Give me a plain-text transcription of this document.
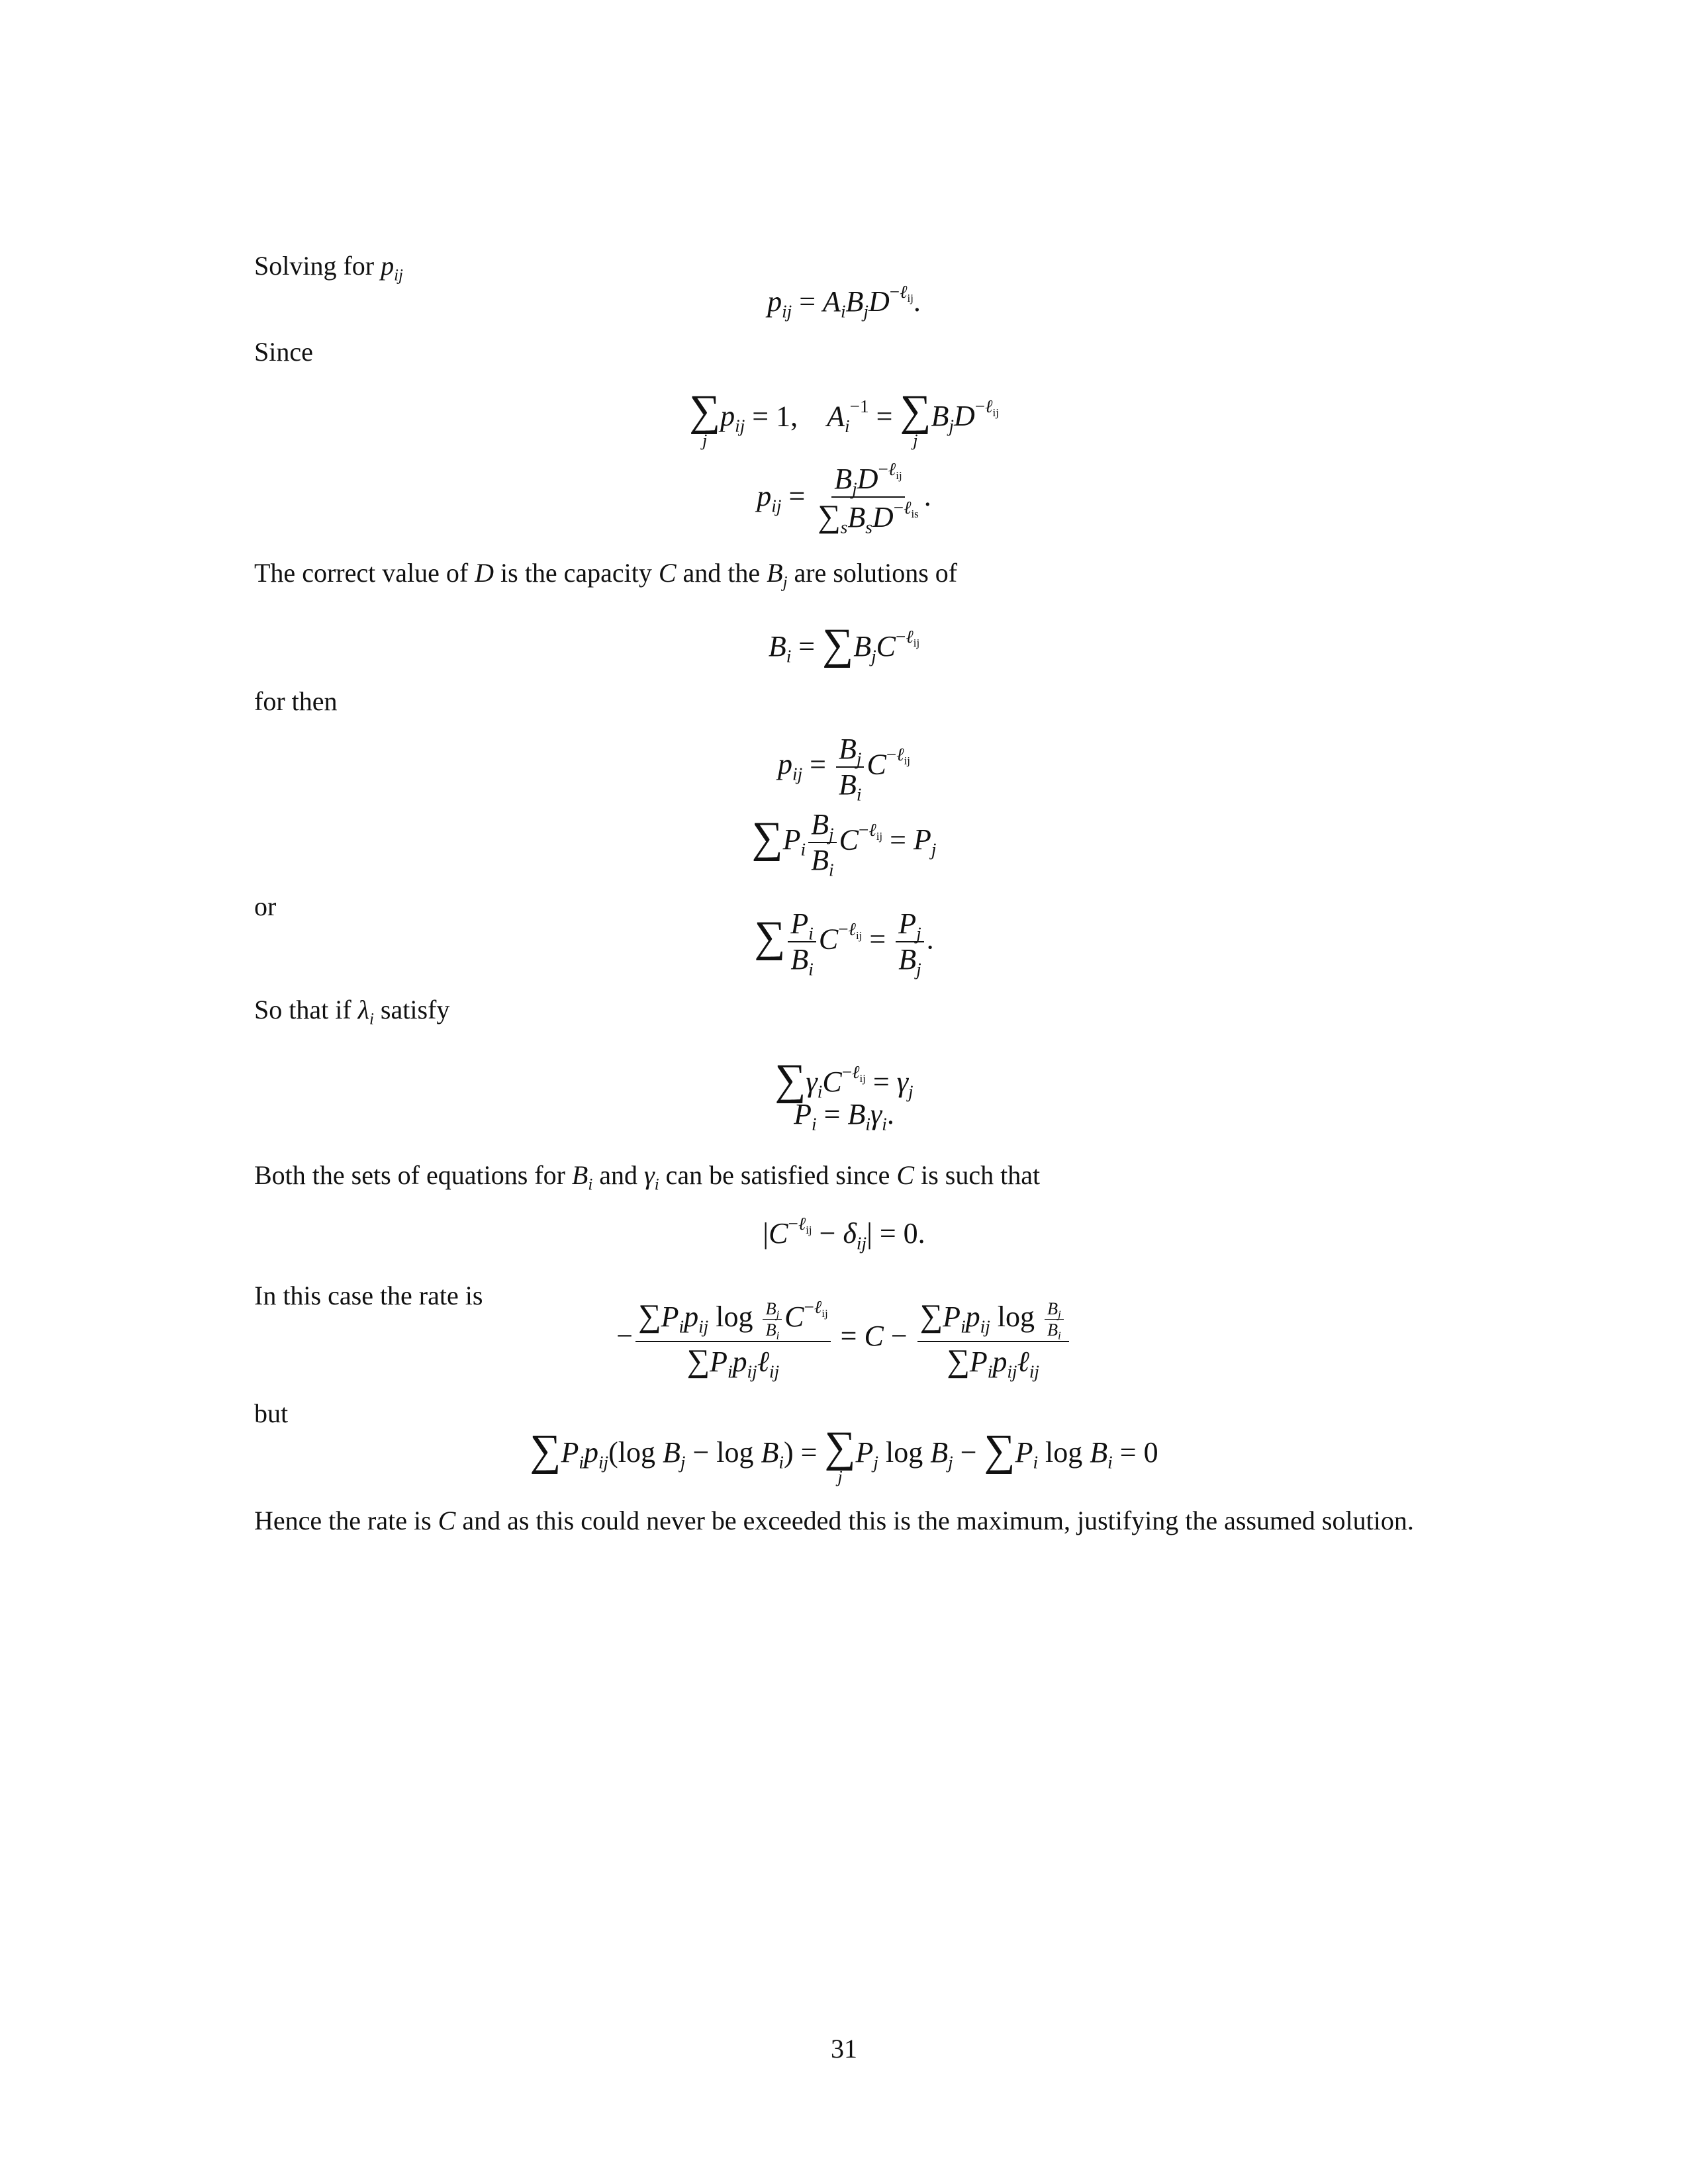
Solving for $p_{ij}$
$p_{ij} = A_iB_jD^{-\ell_{ij}}$.
Since
∑
j
$p_{ij} = 1$,    $A_i^{-1}$ = ∑
j
$B_jD^{-\ell_{ij}}$
$p_{ij} = \frac{B_jD^{-\ell_{ij}}}{\sum_sB_sD^{-\ell_{is}}}$ .
The correct value of D is the capacity C and the $B_j$ are solutions of
$B_i = \sum B_jC^{-\ell_{ij}}$
for then
$p_{ij} = \frac{B_j}{B_i} C^{-\ell_{ij}}$
$\sum P_i \frac{B_j}{B_i} C^{-\ell_{ij}} = P_j$
or
∑ $\frac{P_i}{B_i} C^{-\ell_{ij}} = \frac{P_j}{B_j}$ .
So that if $\lambda_i$ satisfy
$\sum\gamma_iC^{-\ell_{ij}} = \gamma_j$
$P_i = B_i\gamma_i$.
Both the sets of equations for $B_i$ and $\gamma_i$ can be satisfied since C is such that
$|C^{-\ell_{ij}} - \delta_{ij}| = 0$.
In this case the rate is
− $\frac{\sum P_ip_{ij} \log \frac{B_j}{B_i} C^{-\ell_{ij}}}{\sum P_ip_{ij}\ell_{ij}} = C - \frac{\sum P_ip_{ij} \log \frac{B_j}{B_i}}{\sum P_ip_{ij}\ell_{ij}}$
but
$\sum P_ip_{ij}(\log$ $B_j - \log B_i$) = ∑
j
$P_j$ $\log B_j - \sum P_i$ $\log B_i = 0$
Hence the rate is C and as this could never be exceeded this is the maximum, justifying the assumed solution.
31
